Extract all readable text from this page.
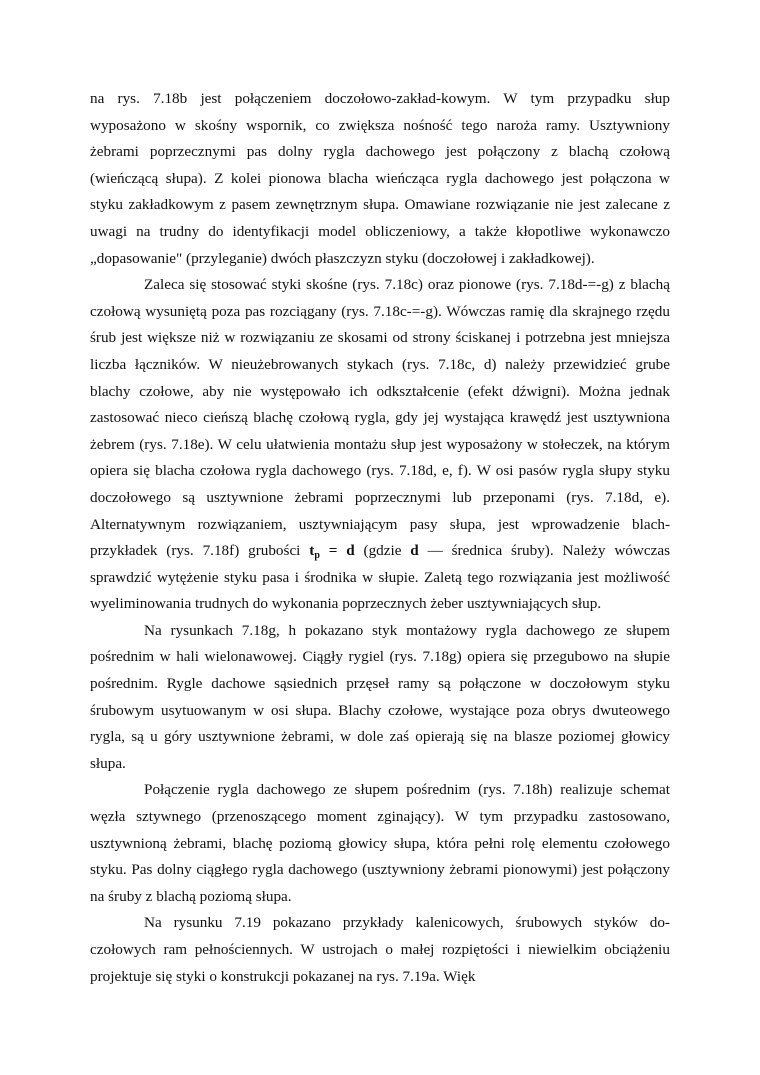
na rys. 7.18b jest połączeniem doczołowo-zakład-kowym. W tym przypadku słup
wyposażono w skośny wspornik, co zwiększa nośność tego naroża ramy. Usztywniony
żebrami poprzecznymi pas dolny rygla dachowego jest połączony z blachą czołową
(wieńczącą słupa). Z kolei pionowa blacha wieńcząca rygla dachowego jest połączona w
styku zakładkowym z pasem zewnętrznym słupa. Omawiane rozwiązanie nie jest zalecane z
uwagi na trudny do identyfikacji model obliczeniowy, a także kłopotliwe wykonawczo
„dopasowanie" (przyleganie) dwóch płaszczyzn styku (doczołowej i zakładkowej).
Zaleca się stosować styki skośne (rys. 7.18c) oraz pionowe (rys. 7.18d-=-g) z blachą
czołową wysuniętą poza pas rozciągany (rys. 7.18c-=-g). Wówczas ramię dla skrajnego rzędu
śrub jest większe niż w rozwiązaniu ze skosami od strony ściskanej i potrzebna jest mniejsza
liczba łączników. W nieużebrowanych stykach (rys. 7.18c, d) należy przewidzieć grube
blachy czołowe, aby nie występowało ich odkształcenie (efekt dźwigni). Można jednak
zastosować nieco cieńszą blachę czołową rygla, gdy jej wystająca krawędź jest usztywniona
żebrem (rys. 7.18e). W celu ułatwienia montażu słup jest wyposażony w stołeczek, na którym
opiera się blacha czołowa rygla dachowego (rys. 7.18d, e, f). W osi pasów rygla słupy styku
doczołowego są usztywnione żebrami poprzecznymi lub przeponami (rys. 7.18d, e).
Alternatywnym rozwiązaniem, usztywniającym pasy słupa, jest wprowadzenie blach-
przykładek (rys. 7.18f) grubości $t_p = d$ (gdzie d — średnica śruby). Należy wówczas
sprawdzić wytężenie styku pasa i środnika w słupie. Zaletą tego rozwiązania jest możliwość
wyeliminowania trudnych do wykonania poprzecznych żeber usztywniających słup.
Na rysunkach 7.18g, h pokazano styk montażowy rygla dachowego ze słupem
pośrednim w hali wielonawowej. Ciągły rygiel (rys. 7.18g) opiera się przegubowo na słupie
pośrednim. Rygle dachowe sąsiednich przęseł ramy są połączone w doczołowym styku
śrubowym usytuowanym w osi słupa. Blachy czołowe, wystające poza obrys dwuteowego
rygla, są u góry usztywnione żebrami, w dole zaś opierają się na blasze poziomej głowicy
słupa.
Połączenie rygla dachowego ze słupem pośrednim (rys. 7.18h) realizuje schemat
węzła sztywnego (przenoszącego moment zginający). W tym przypadku zastosowano,
usztywnioną żebrami, blachę poziomą głowicy słupa, która pełni rolę elementu czołowego
styku. Pas dolny ciągłego rygla dachowego (usztywniony żebrami pionowymi) jest połączony
na śruby z blachą poziomą słupa.
Na rysunku 7.19 pokazano przykłady kalenicowych, śrubowych styków do-
czołowych ram pełnościennych. W ustrojach o małej rozpiętości i niewielkim obciążeniu
projektuje się styki o konstrukcji pokazanej na rys. 7.19a. Więk
